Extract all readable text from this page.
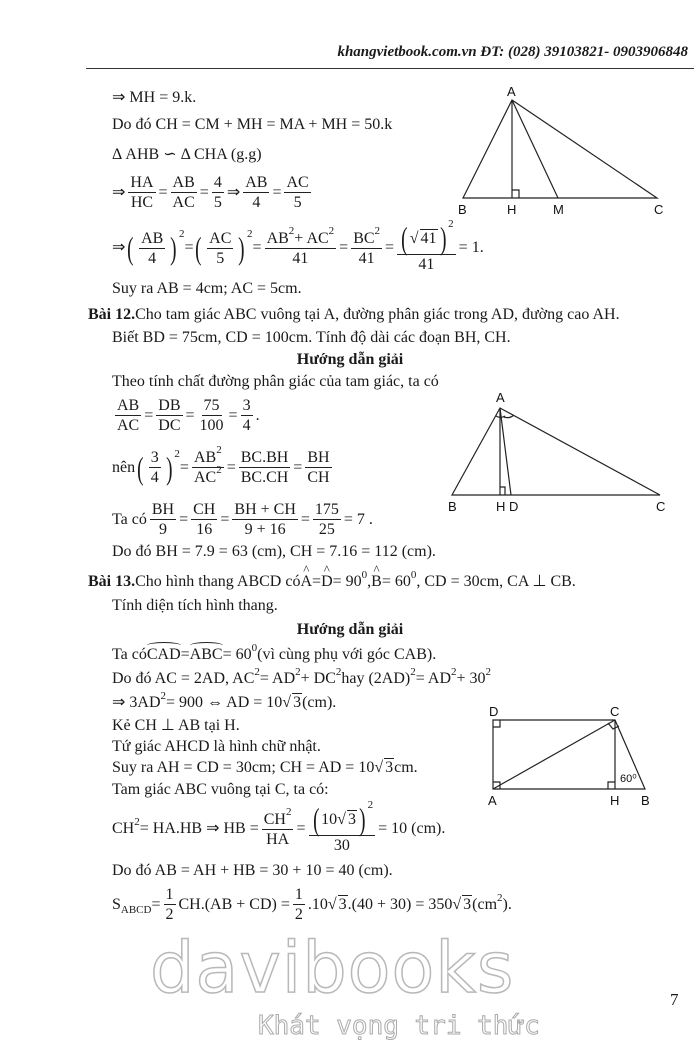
khangvietbook.com.vn ĐT: (028) 39103821- 0903906848
⇒ MH = 9.k.
Do đó CH = CM + MH = MA + MH = 50.k
Δ AHB ∽ Δ CHA (g.g)
⇒ $\frac{HA}{HC} = \frac{AB}{AC} = \frac{4}{5}$ ⇒ $\frac{AB}{4} = \frac{AC}{5}$
⇒ ( $\frac{AB}{4}$ ) 2
= ( $\frac{AC}{5}$ ) 2
= $\frac{AB 2 + AC 2}{41} = \frac{BC 2}{41} = \frac{( √ 41 ) 2}{41} = 1$.
Suy ra AB = 4cm; AC = 5cm.
Bài 12. Cho tam giác ABC vuông tại A, đường phân giác trong AD, đường cao AH.
Biết BD = 75cm, CD = 100cm. Tính độ dài các đoạn BH, CH.
Hướng dẫn giải
Theo tính chất đường phân giác của tam giác, ta có
$\frac{AB}{AC} = \frac{DB}{DC} = \frac{75}{100} = \frac{3}{4}$ .
nên ( $\frac{3}{4}$ ) 2
= $\frac{AB 2}{AC 2} = \frac{BC.BH}{BC.CH} = \frac{BH}{CH}$
Ta có $\frac{BH}{9} = \frac{CH}{16} = \frac{BH + CH}{9 + 16} = \frac{175}{25} = 7$ .
Do đó BH = 7.9 = 63 (cm), CH = 7.16 = 112 (cm).
Bài 13. Cho hình thang ABCD có ^ A = ^ D = 90 0 , ^ B = 60 0 , CD = 30cm, CA ⊥ CB.
Tính diện tích hình thang.
Hướng dẫn giải
Ta có CAD = ABC = 60 0 (vì cùng phụ với góc CAB).
Do đó AC = 2AD, AC 2 = AD 2 + DC 2 hay (2AD) 2 = AD 2 + 30 2
⇒ 3AD 2 = 900 ⇔ AD = 10 √ 3 (cm).
Kẻ CH ⊥ AB tại H.
Tứ giác AHCD là hình chữ nhật.
Suy ra AH = CD = 30cm; CH = AD = 10 √ 3 cm.
Tam giác ABC vuông tại C, ta có:
CH 2 = HA.HB ⇒ HB = $\frac{CH 2}{HA} = \frac{( 10 √ 3 ) 2}{30} = 10$ (cm).
Do đó AB = AH + HB = 30 + 10 = 40 (cm).
S ABCD = $\frac{1}{2} CH.(AB + CD) = \frac{1}{2} .10$ √ 3 .(40 + 30) = 350 √ 3 (cm 2 ).
A
B	H	M	C
A
B	H D	C
D	C
A	H B
60⁰
davibooks
Khát vọng tri thức
7
